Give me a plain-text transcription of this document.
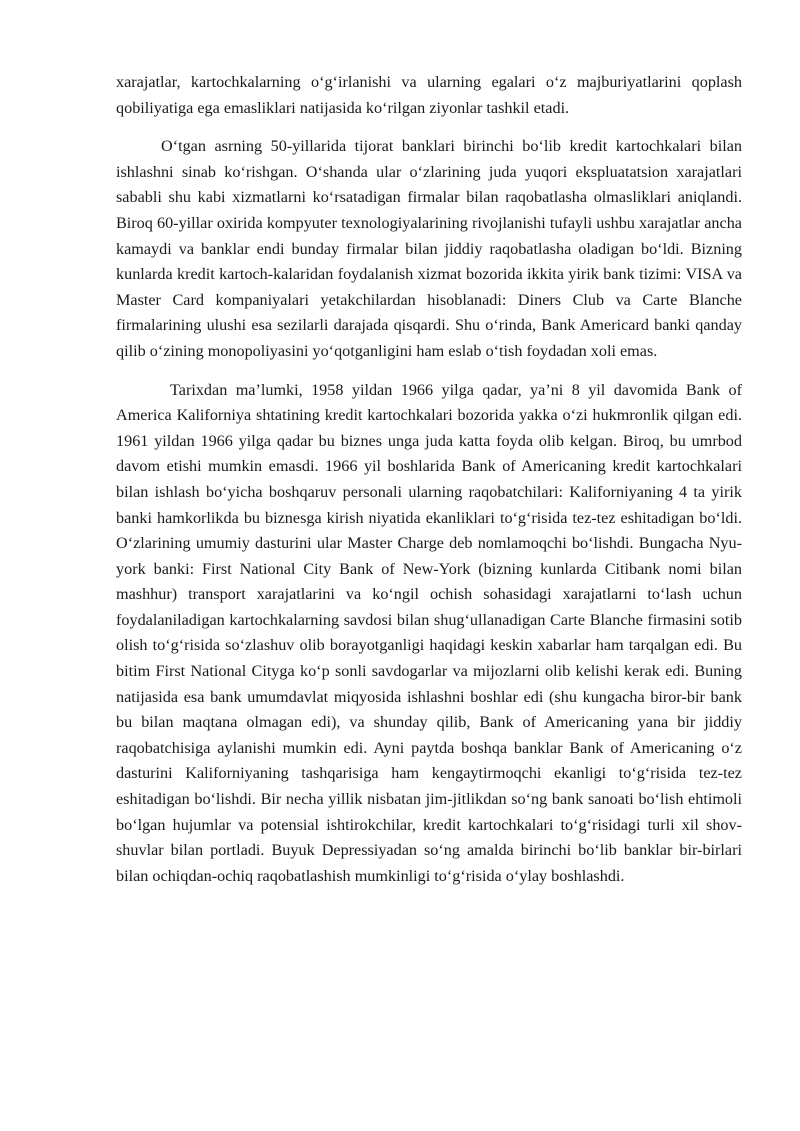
xarajatlar, kartochkalarning o‘g‘irlanishi va ularning egalari o‘z majburiyatlarini qoplash qobiliyatiga ega emasliklari natijasida ko‘rilgan ziyonlar tashkil etadi.

O‘tgan asrning 50-yillarida tijorat banklari birinchi bo‘lib kredit kartochkalari bilan ishlashni sinab ko‘rishgan. O‘shanda ular o‘zlarining juda yuqori ekspluatatsion xarajatlari sababli shu kabi xizmatlarni ko‘rsatadigan firmalar bilan raqobatlasha olmasliklari aniqlandi. Biroq 60-yillar oxirida kompyuter texnologiyalarining rivojlanishi tufayli ushbu xarajatlar ancha kamaydi va banklar endi bunday firmalar bilan jiddiy raqobatlasha oladigan bo‘ldi. Bizning kunlarda kredit kartoch-kalaridan foydalanish xizmat bozorida ikkita yirik bank tizimi: VISA va Master Card kompaniyalari yetakchilardan hisoblanadi: Diners Club va Carte Blanche firmalarining ulushi esa sezilarli darajada qisqardi. Shu o‘rinda, Bank Americard banki qanday qilib o‘zining monopoliyasini yo‘qotganligini ham eslab o‘tish foydadan xoli emas.

Tarixdan ma’lumki, 1958 yildan 1966 yilga qadar, ya’ni 8 yil davomida Bank of America Kaliforniya shtatining kredit kartochkalari bozorida yakka o‘zi hukmronlik qilgan edi. 1961 yildan 1966 yilga qadar bu biznes unga juda katta foyda olib kelgan. Biroq, bu umrbod davom etishi mumkin emasdi. 1966 yil boshlarida Bank of Americaning kredit kartochkalari bilan ishlash bo‘yicha boshqaruv personali ularning raqobatchilari: Kaliforniyaning 4 ta yirik banki hamkorlikda bu biznesga kirish niyatida ekanliklari to‘g‘risida tez-tez eshitadigan bo‘ldi. O‘zlarining umumiy dasturini ular Master Charge deb nomlamoqchi bo‘lishdi. Bungacha Nyu-york banki: First National City Bank of New-York (bizning kunlarda Citibank nomi bilan mashhur) transport xarajatlarini va ko‘ngil ochish sohasidagi xarajatlarni to‘lash uchun foydalaniladigan kartochkalarning savdosi bilan shug‘ullanadigan Carte Blanche firmasini sotib olish to‘g‘risida so‘zlashuv olib borayotganligi haqidagi keskin xabarlar ham tarqalgan edi. Bu bitim First National Cityga ko‘p sonli savdogarlar va mijozlarni olib kelishi kerak edi. Buning natijasida esa bank umumdavlat miqyosida ishlashni boshlar edi (shu kungacha biror-bir bank bu bilan maqtana olmagan edi), va shunday qilib, Bank of Americaning yana bir jiddiy raqobatchisiga aylanishi mumkin edi. Ayni paytda boshqa banklar Bank of Americaning o‘z dasturini Kaliforniyaning tashqarisiga ham kengaytirmoqchi ekanligi to‘g‘risida tez-tez eshitadigan bo‘lishdi. Bir necha yillik nisbatan jim-jitlikdan so‘ng bank sanoati bo‘lish ehtimoli bo‘lgan hujumlar va potensial ishtirokchilar, kredit kartochkalari to‘g‘risidagi turli xil shov-shuvlar bilan portladi. Buyuk Depressiyadan so‘ng amalda birinchi bo‘lib banklar bir-birlari bilan ochiqdan-ochiq raqobatlashish mumkinligi to‘g‘risida o‘ylay boshlashdi.
